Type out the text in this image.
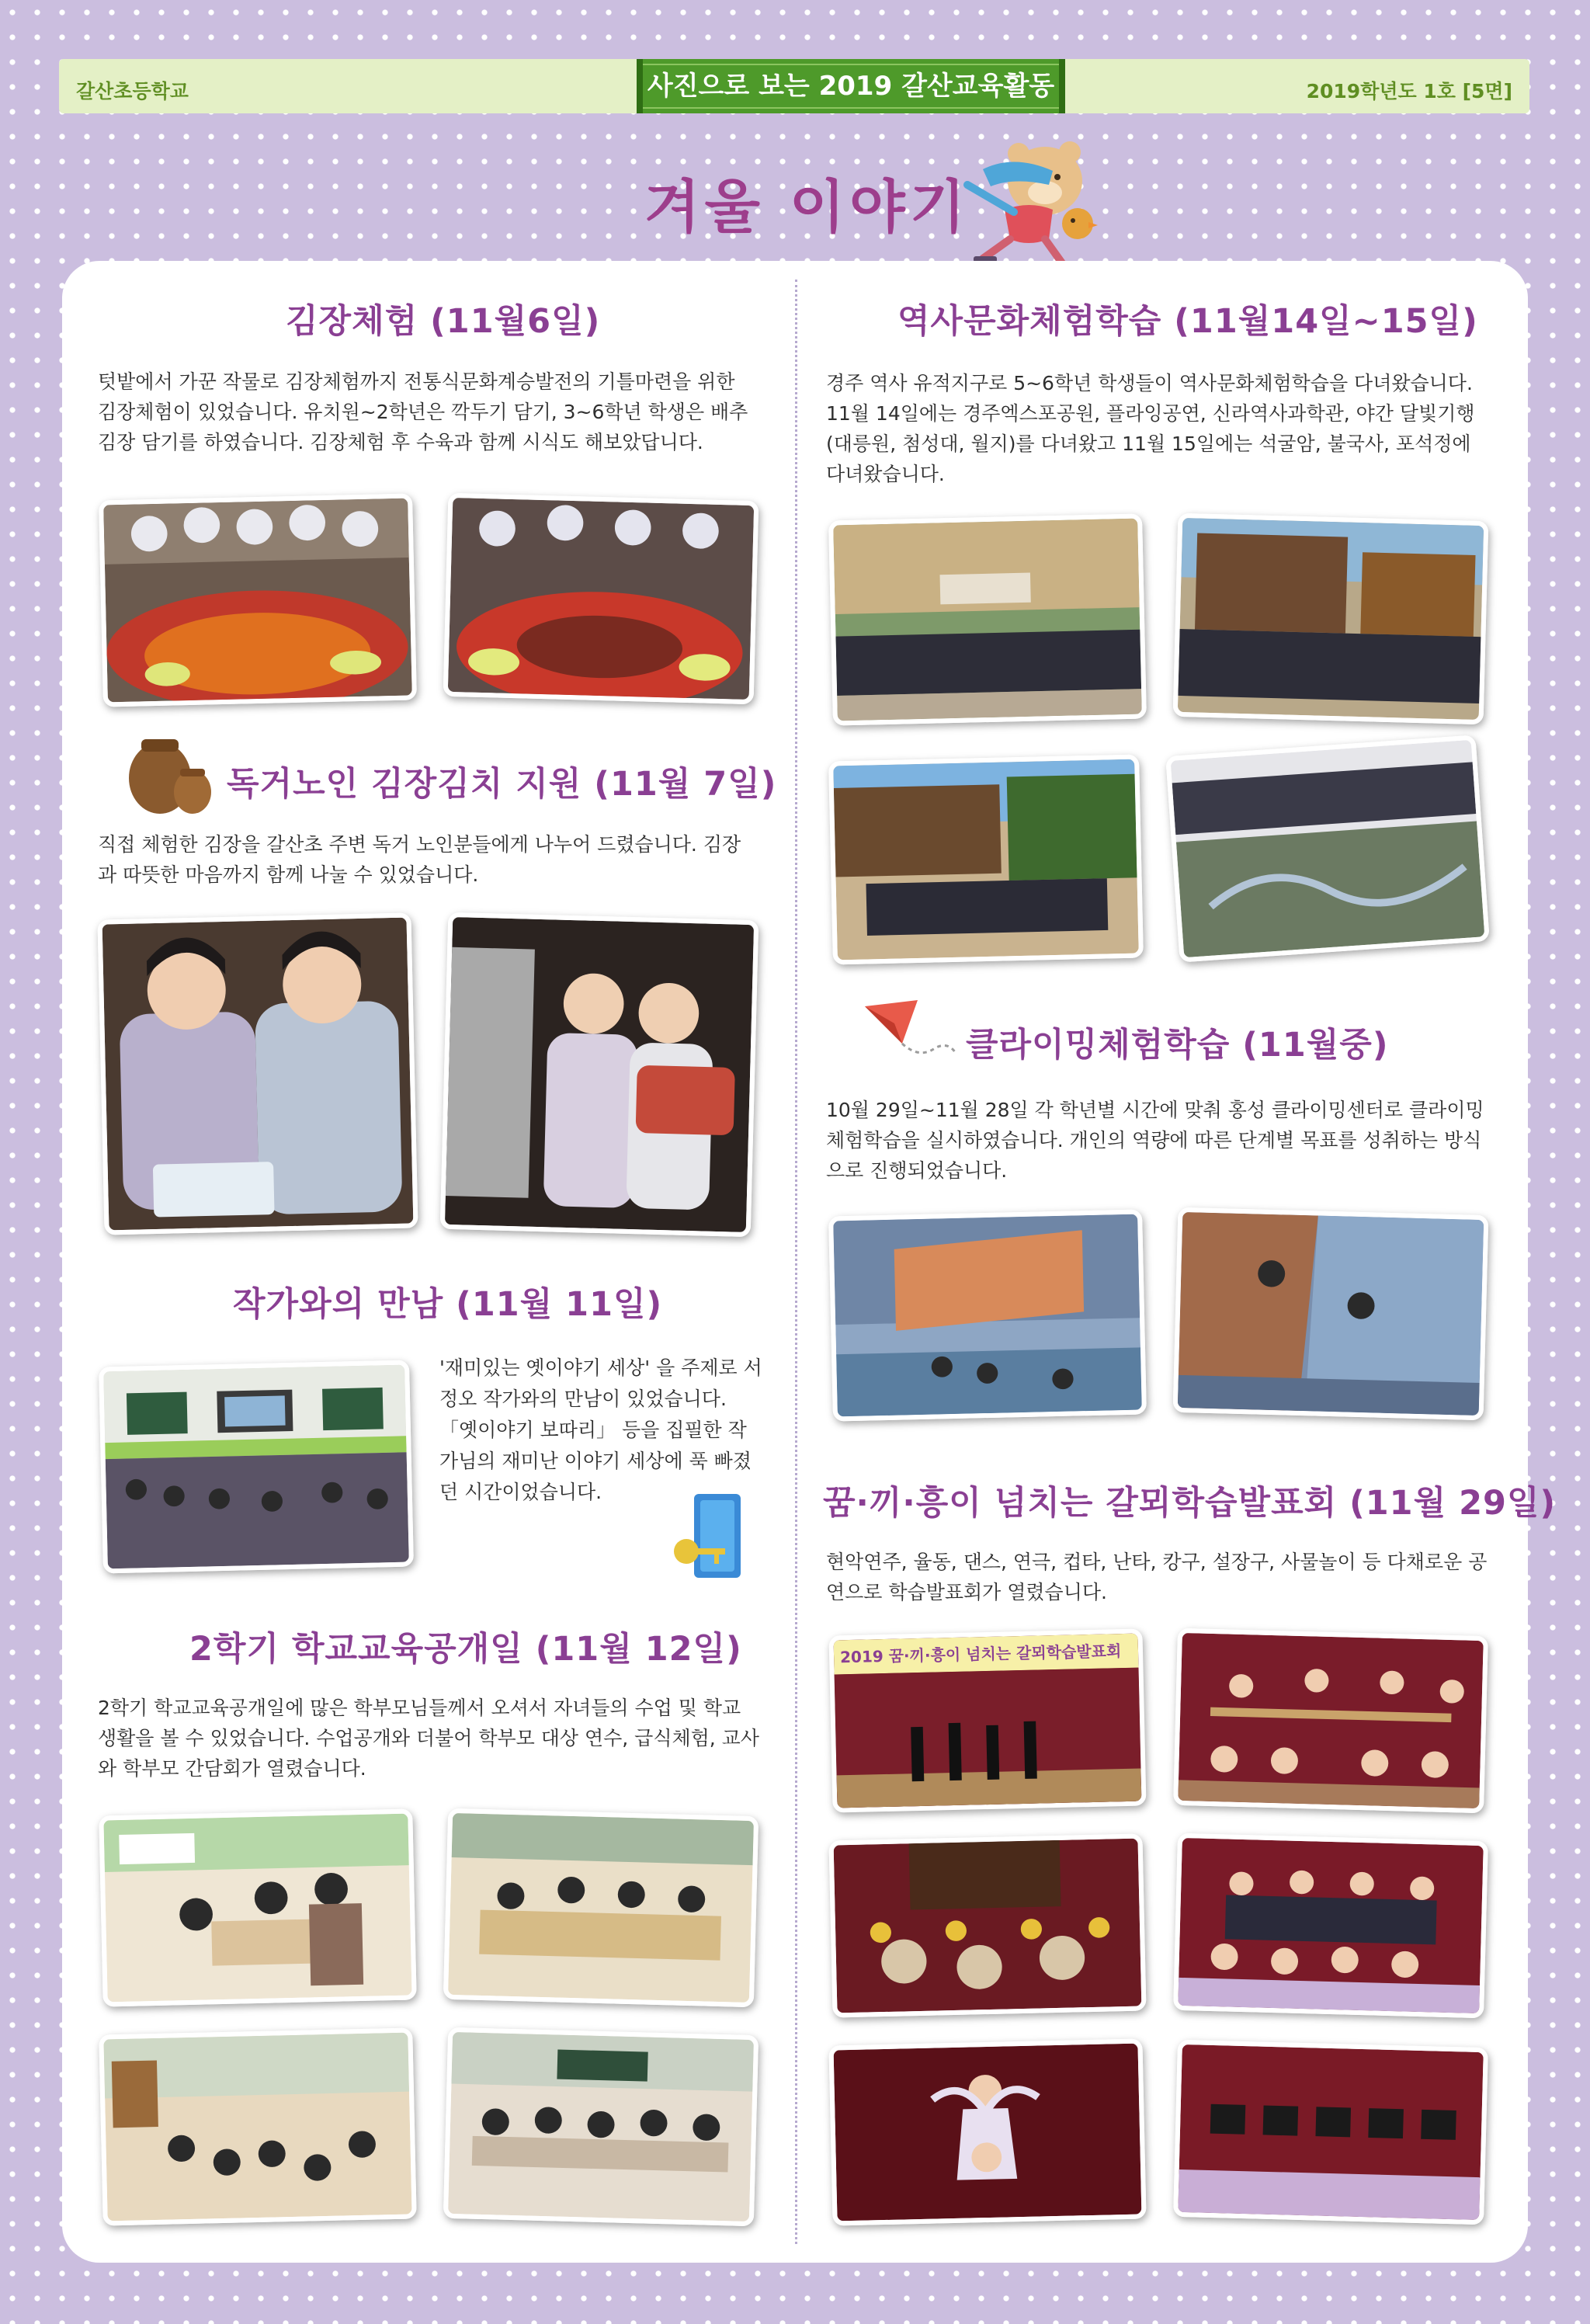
갈산초등학교	사진으로 보는 2019 갈산교육활동	2019학년도 1호 [5면]
겨울 이야기
김장체험 (11월6일)
텃밭에서 가꾼 작물로 김장체험까지 전통식문화계승발전의 기틀마련을 위한 김장체험이 있었습니다. 유치원~2학년은 깍두기 담기, 3~6학년 학생은 배추김장 담기를 하였습니다. 김장체험 후 수육과 함께 시식도 해보았답니다.
독거노인 김장김치 지원 (11월 7일)
직접 체험한 김장을 갈산초 주변 독거 노인분들에게 나누어 드렸습니다. 김장과 따뜻한 마음까지 함께 나눌 수 있었습니다.
작가와의 만남 (11월 11일)
'재미있는 옛이야기 세상' 을 주제로 서정오 작가와의 만남이 있었습니다. 「옛이야기 보따리」 등을 집필한 작가님의 재미난 이야기 세상에 푹 빠졌던 시간이었습니다.
2학기 학교교육공개일 (11월 12일)
2학기 학교교육공개일에 많은 학부모님들께서 오셔서 자녀들의 수업 및 학교생활을 볼 수 있었습니다. 수업공개와 더불어 학부모 대상 연수, 급식체험, 교사와 학부모 간담회가 열렸습니다.
역사문화체험학습 (11월14일~15일)
경주 역사 유적지구로 5~6학년 학생들이 역사문화체험학습을 다녀왔습니다. 11월 14일에는 경주엑스포공원, 플라잉공연, 신라역사과학관, 야간 달빛기행(대릉원, 첨성대, 월지)를 다녀왔고 11월 15일에는 석굴암, 불국사, 포석정에 다녀왔습니다.
클라이밍체험학습 (11월중)
10월 29일~11월 28일 각 학년별 시간에 맞춰 홍성 클라이밍센터로 클라이밍 체험학습을 실시하였습니다. 개인의 역량에 따른 단계별 목표를 성취하는 방식으로 진행되었습니다.
꿈·끼·흥이 넘치는 갈뫼학습발표회 (11월 29일)
현악연주, 율동, 댄스, 연극, 컵타, 난타, 캉구, 설장구, 사물놀이 등 다채로운 공연으로 학습발표회가 열렸습니다.
2019 꿈·끼·흥이 넘치는 갈뫼학습발표회
